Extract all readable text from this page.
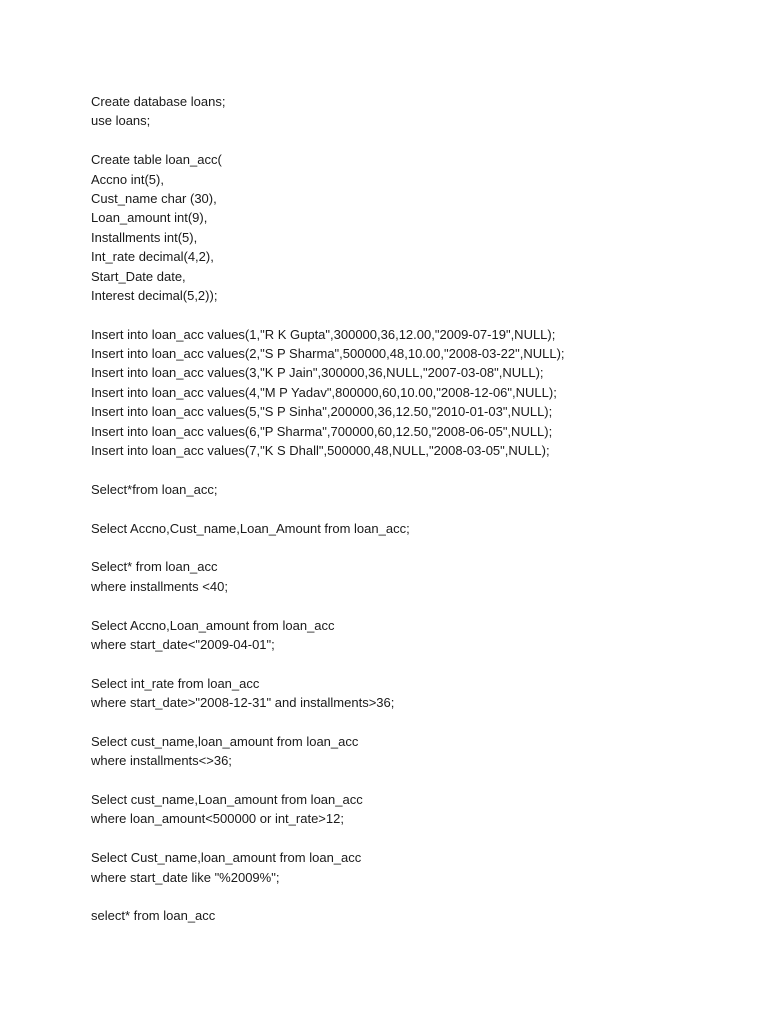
Create database loans;
use loans;
Create table loan_acc(
Accno int(5),
Cust_name char (30),
Loan_amount int(9),
Installments int(5),
Int_rate decimal(4,2),
Start_Date date,
Interest decimal(5,2));
Insert into loan_acc values(1,"R K Gupta",300000,36,12.00,"2009-07-19",NULL);
Insert into loan_acc values(2,"S P Sharma",500000,48,10.00,"2008-03-22",NULL);
Insert into loan_acc values(3,"K P Jain",300000,36,NULL,"2007-03-08",NULL);
Insert into loan_acc values(4,"M P Yadav",800000,60,10.00,"2008-12-06",NULL);
Insert into loan_acc values(5,"S P Sinha",200000,36,12.50,"2010-01-03",NULL);
Insert into loan_acc values(6,"P Sharma",700000,60,12.50,"2008-06-05",NULL);
Insert into loan_acc values(7,"K S Dhall",500000,48,NULL,"2008-03-05",NULL);
Select*from loan_acc;
Select Accno,Cust_name,Loan_Amount from loan_acc;
Select* from loan_acc
where installments <40;
Select Accno,Loan_amount from loan_acc
where start_date<"2009-04-01";
Select int_rate from loan_acc
where start_date>"2008-12-31" and installments>36;
Select cust_name,loan_amount from loan_acc
where installments<>36;
Select cust_name,Loan_amount from loan_acc
where loan_amount<500000 or int_rate>12;
Select Cust_name,loan_amount from loan_acc
where start_date like "%2009%";
select* from loan_acc
